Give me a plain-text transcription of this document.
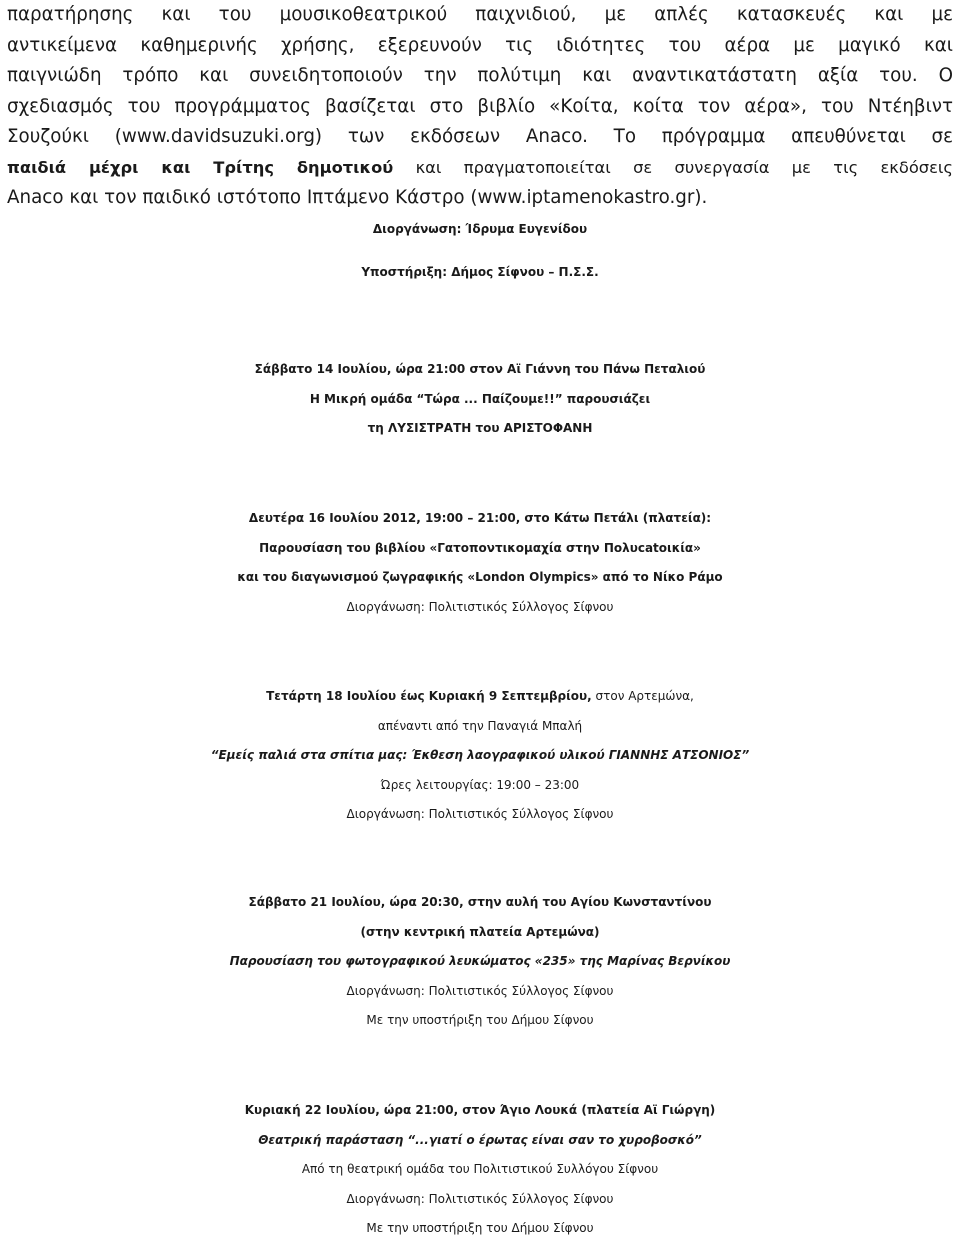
παρατήρησης και του μουσικοθεατρικού παιχνιδιού, με απλές κατασκευές και με
αντικείμενα καθημερινής χρήσης, εξερευνούν τις ιδιότητες του αέρα με μαγικό και
παιγνιώδη τρόπο και συνειδητοποιούν την πολύτιμη και αναντικατάστατη αξία του. Ο
σχεδιασμός του προγράμματος βασίζεται στο βιβλίο «Κοίτα, κοίτα τον αέρα», του Ντέηβιντ
Σουζούκι (www.davidsuzuki.org) των εκδόσεων Anaco. Το πρόγραμμα απευθύνεται σε
παιδιά μέχρι και Τρίτης δημοτικού και πραγματοποιείται σε συνεργασία με τις εκδόσεις
Anaco και τον παιδικό ιστότοπο Ιπτάμενο Κάστρο (www.iptamenokastro.gr).
Διοργάνωση: Ίδρυμα Ευγενίδου
Υποστήριξη: Δήμος Σίφνου – Π.Σ.Σ.
Σάββατο 14 Ιουλίου, ώρα 21:00 στον Αϊ Γιάννη του Πάνω Πεταλιού
Η Μικρή ομάδα “Τώρα ... Παίζουμε!!” παρουσιάζει
τη ΛΥΣΙΣΤΡΑΤΗ του ΑΡΙΣΤΟΦΑΝΗ
Δευτέρα 16 Ιουλίου 2012, 19:00 – 21:00, στο Κάτω Πετάλι (πλατεία):
Παρουσίαση του βιβλίου «Γατοποντικομαχία στην Πολυcatoικία»
και του διαγωνισμού ζωγραφικής «London Olympics» από το Νίκο Ράμο
Διοργάνωση: Πολιτιστικός Σύλλογος Σίφνου
Τετάρτη 18 Ιουλίου έως Κυριακή 9 Σεπτεμβρίου, στον Αρτεμώνα,
απέναντι από την Παναγιά Μπαλή
“Εμείς παλιά στα σπίτια μας: Έκθεση λαογραφικού υλικού ΓΙΑΝΝΗΣ ΑΤΣΟΝΙΟΣ”
Ώρες λειτουργίας: 19:00 – 23:00
Διοργάνωση: Πολιτιστικός Σύλλογος Σίφνου
Σάββατο 21 Ιουλίου, ώρα 20:30, στην αυλή του Αγίου Κωνσταντίνου
(στην κεντρική πλατεία Αρτεμώνα)
Παρουσίαση του φωτογραφικού λευκώματος «235» της Μαρίνας Βερνίκου
Διοργάνωση: Πολιτιστικός Σύλλογος Σίφνου
Με την υποστήριξη του Δήμου Σίφνου
Κυριακή 22 Ιουλίου, ώρα 21:00, στον Άγιο Λουκά (πλατεία Αϊ Γιώργη)
Θεατρική παράσταση “...γιατί ο έρωτας είναι σαν το χυροβοσκό”
Από τη θεατρική ομάδα του Πολιτιστικού Συλλόγου Σίφνου
Διοργάνωση: Πολιτιστικός Σύλλογος Σίφνου
Με την υποστήριξη του Δήμου Σίφνου
